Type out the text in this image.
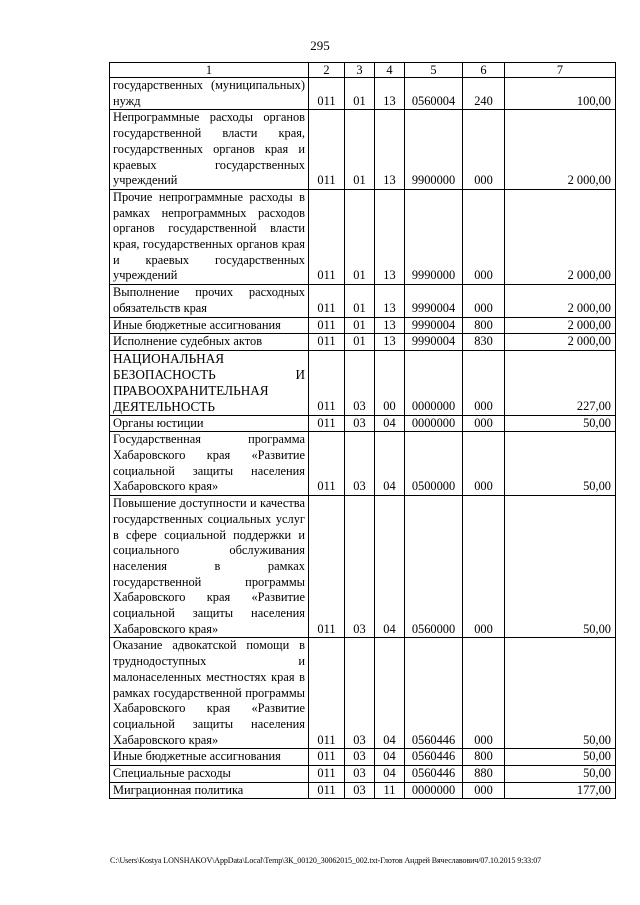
295
1	2	3	4	5	6	7
государственных (муниципальных) нужд	011	01	13	0560004	240	100,00
Непрограммные расходы органов государственной власти края, государственных органов края и краевых государственных учреждений	011	01	13	9900000	000	2 000,00
Прочие непрограммные расходы в рамках непрограммных расходов органов государственной власти края, государственных органов края и краевых государственных учреждений	011	01	13	9990000	000	2 000,00
Выполнение прочих расходных обязательств края	011	01	13	9990004	000	2 000,00
Иные бюджетные ассигнования	011	01	13	9990004	800	2 000,00
Исполнение судебных актов	011	01	13	9990004	830	2 000,00
НАЦИОНАЛЬНАЯ БЕЗОПАСНОСТЬ И ПРАВООХРАНИТЕЛЬНАЯ ДЕЯТЕЛЬНОСТЬ	011	03	00	0000000	000	227,00
Органы юстиции	011	03	04	0000000	000	50,00
Государственная программа Хабаровского края «Развитие социальной защиты населения Хабаровского края»	011	03	04	0500000	000	50,00
Повышение доступности и качества государственных социальных услуг в сфере социальной поддержки и социального обслуживания населения в рамках государственной программы Хабаровского края «Развитие социальной защиты населения Хабаровского края»	011	03	04	0560000	000	50,00
Оказание адвокатской помощи в труднодоступных и малонаселенных местностях края в рамках государственной программы Хабаровского края «Развитие социальной защиты населения Хабаровского края»	011	03	04	0560446	000	50,00
Иные бюджетные ассигнования	011	03	04	0560446	800	50,00
Специальные расходы	011	03	04	0560446	880	50,00
Миграционная политика	011	03	11	0000000	000	177,00
C:\Users\Kostya LONSHAKOV\AppData\Local\Temp\ЗК_00120_30062015_002.txt-Глотов Андрей Вячеславович/07.10.2015 9:33:07
